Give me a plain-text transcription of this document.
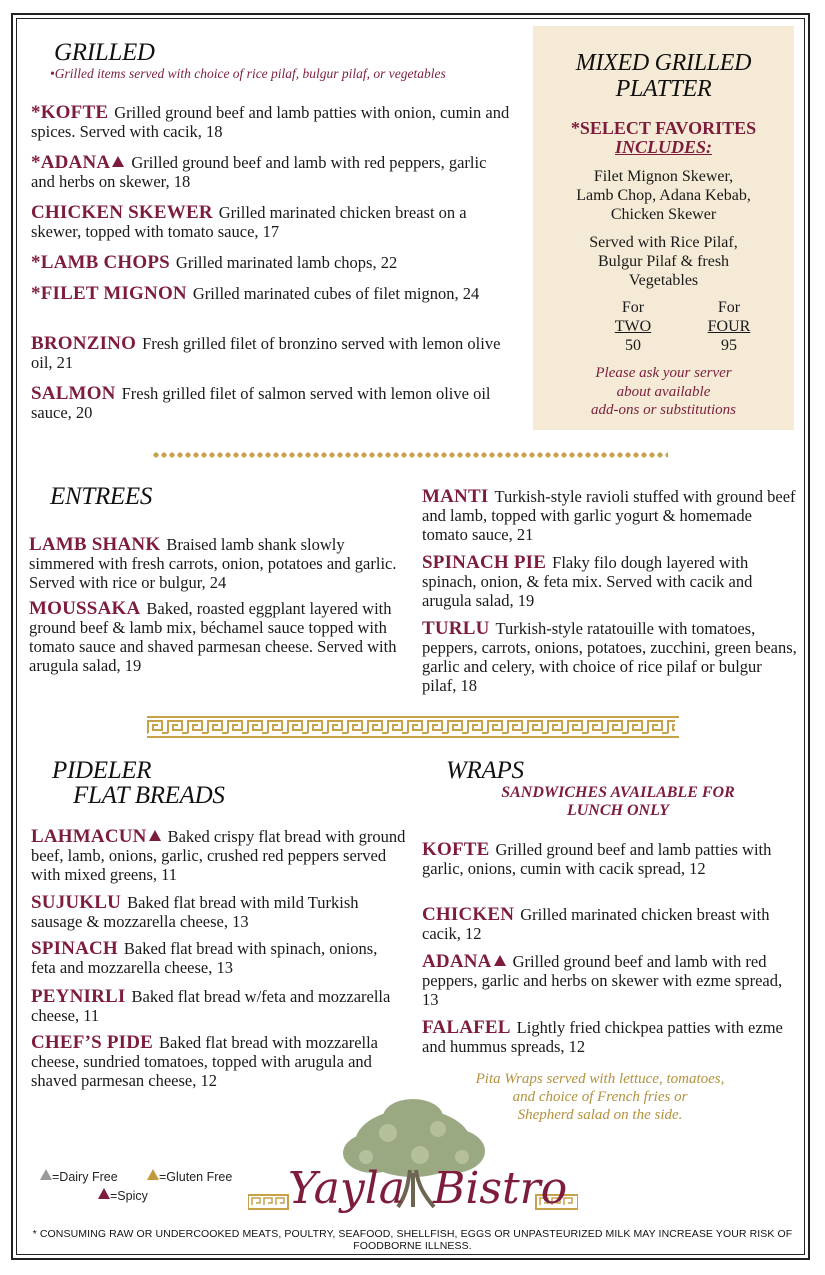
GRILLED
•Grilled items served with choice of rice pilaf, bulgur pilaf, or vegetables
*KOFTE Grilled ground beef and lamb patties with onion, cumin and spices. Served with cacik, 18
*ADANA Grilled ground beef and lamb with red peppers, garlic and herbs on skewer, 18
CHICKEN SKEWER Grilled marinated chicken breast on a skewer, topped with tomato sauce, 17
*LAMB CHOPS Grilled marinated lamb chops, 22
*FILET MIGNON Grilled marinated cubes of filet mignon, 24
BRONZINO Fresh grilled filet of bronzino served with lemon olive oil, 21
SALMON Fresh grilled filet of salmon served with lemon olive oil sauce, 20
MIXED GRILLED
PLATTER
*SELECT FAVORITES
INCLUDES:
Filet Mignon Skewer,
Lamb Chop, Adana Kebab,
Chicken Skewer
Served with Rice Pilaf,
Bulgur Pilaf & fresh
Vegetables
For
TWO
50
For
FOUR
95
Please ask your server
about available
add-ons or substitutions
ENTREES
LAMB SHANK Braised lamb shank slowly simmered with fresh carrots, onion, potatoes and garlic. Served with rice or bulgur, 24
MOUSSAKA Baked, roasted eggplant layered with ground beef & lamb mix, béchamel sauce topped with tomato sauce and shaved parmesan cheese. Served with arugula salad, 19
MANTI Turkish-style ravioli stuffed with ground beef and lamb, topped with garlic yogurt & homemade tomato sauce, 21
SPINACH PIE Flaky filo dough layered with spinach, onion, & feta mix. Served with cacik and arugula salad, 19
TURLU Turkish-style ratatouille with tomatoes, peppers, carrots, onions, potatoes, zucchini, green beans, garlic and celery, with choice of rice pilaf or bulgur pilaf, 18
PIDELER
FLAT BREADS
LAHMACUN Baked crispy flat bread with ground beef, lamb, onions, garlic, crushed red peppers served with mixed greens, 11
SUJUKLU Baked flat bread with mild Turkish sausage & mozzarella cheese, 13
SPINACH Baked flat bread with spinach, onions, feta and mozzarella cheese, 13
PEYNIRLI Baked flat bread w/feta and mozzarella cheese, 11
CHEF’S PIDE Baked flat bread with mozzarella cheese, sundried tomatoes, topped with arugula and shaved parmesan cheese, 12
WRAPS
SANDWICHES AVAILABLE FOR
LUNCH ONLY
KOFTE Grilled ground beef and lamb patties with garlic, onions, cumin with cacik spread, 12
CHICKEN Grilled marinated chicken breast with cacik, 12
ADANA Grilled ground beef and lamb with red peppers, garlic and herbs on skewer with ezme spread, 13
FALAFEL Lightly fried chickpea patties with ezme and hummus spreads, 12
Pita Wraps served with lettuce, tomatoes,
and choice of French fries or
Shepherd salad on the side.
=Dairy Free	=Gluten Free
=Spicy	Yayla Bistro
* CONSUMING RAW OR UNDERCOOKED MEATS, POULTRY, SEAFOOD, SHELLFISH, EGGS OR UNPASTEURIZED MILK MAY INCREASE YOUR RISK OF FOODBORNE ILLNESS.
